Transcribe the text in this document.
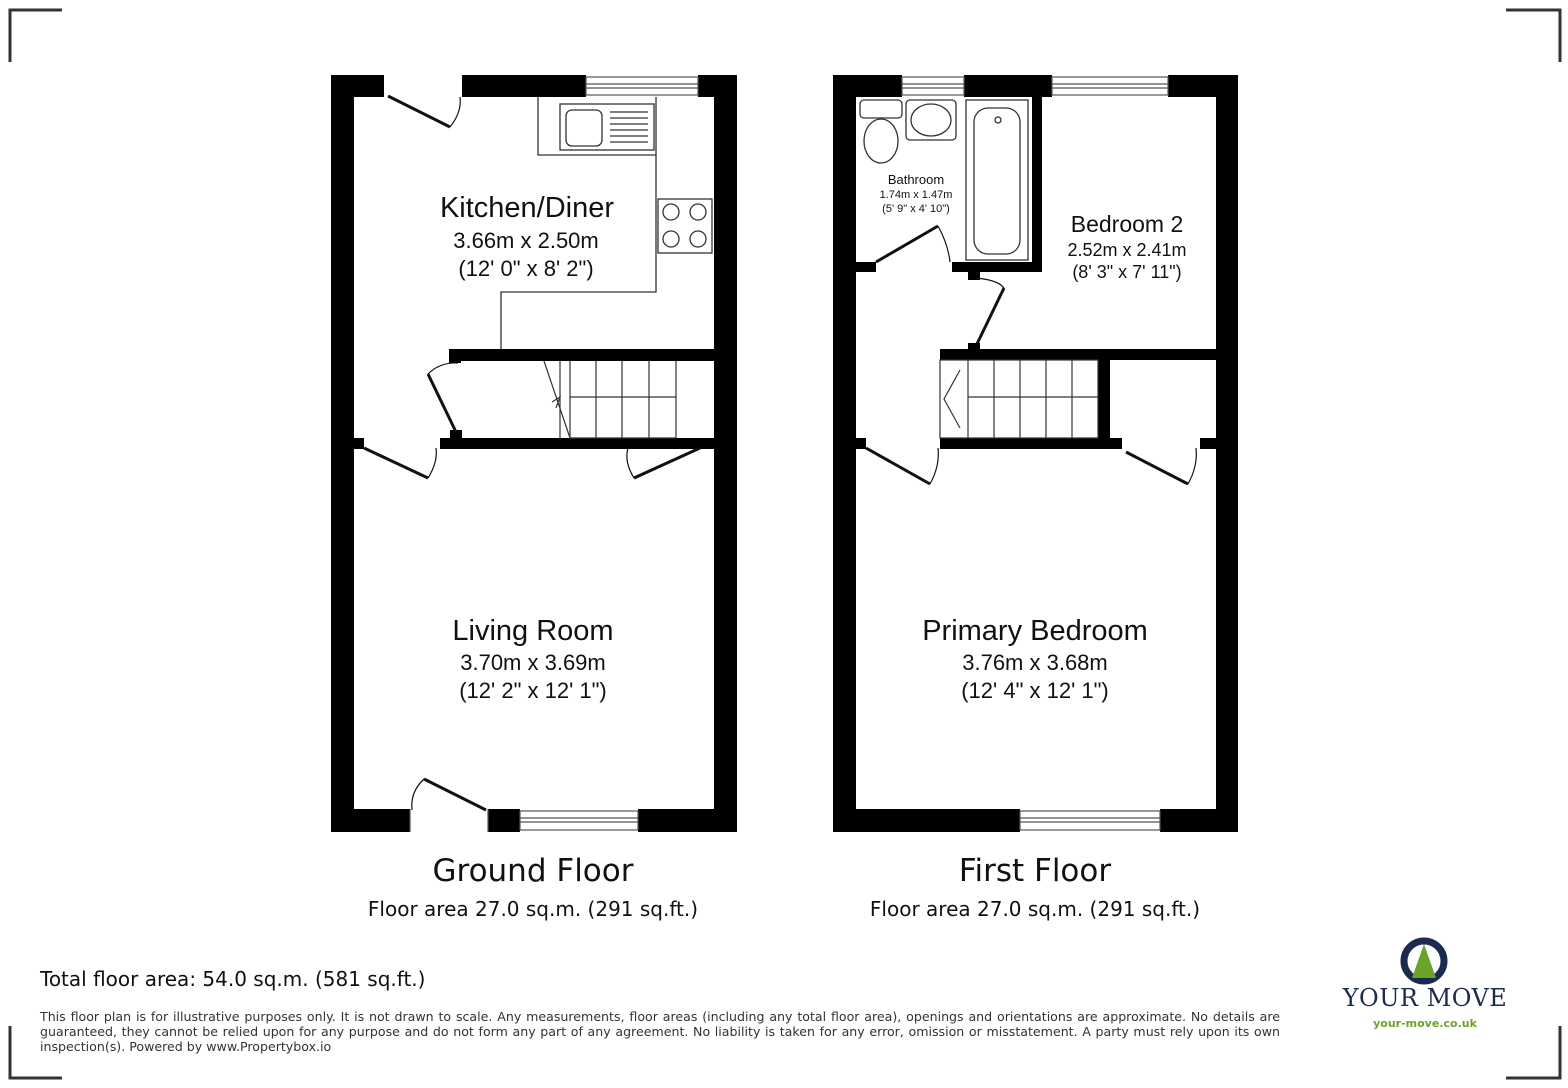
Kitchen/Diner
3.66m x 2.50m
(12' 0" x 8' 2")
Living Room
3.70m x 3.69m
(12' 2" x 12' 1")
Bathroom
1.74m x 1.47m
(5' 9" x 4' 10")
Bedroom 2
2.52m x 2.41m
(8' 3" x 7' 11")
Primary Bedroom
3.76m x 3.68m
(12' 4" x 12' 1")
Ground Floor
Floor area 27.0 sq.m. (291 sq.ft.)
First Floor
Floor area 27.0 sq.m. (291 sq.ft.)
Total floor area: 54.0 sq.m. (581 sq.ft.)
This floor plan is for illustrative purposes only. It is not drawn to scale. Any measurements, floor areas (including any total floor area), openings and orientations are approximate. No details are guaranteed, they cannot be relied upon for any purpose and do not form any part of any agreement. No liability is taken for any error, omission or misstatement. A party must rely upon its own inspection(s). Powered by www.Propertybox.io
YOUR MOVE
your-move.co.uk
